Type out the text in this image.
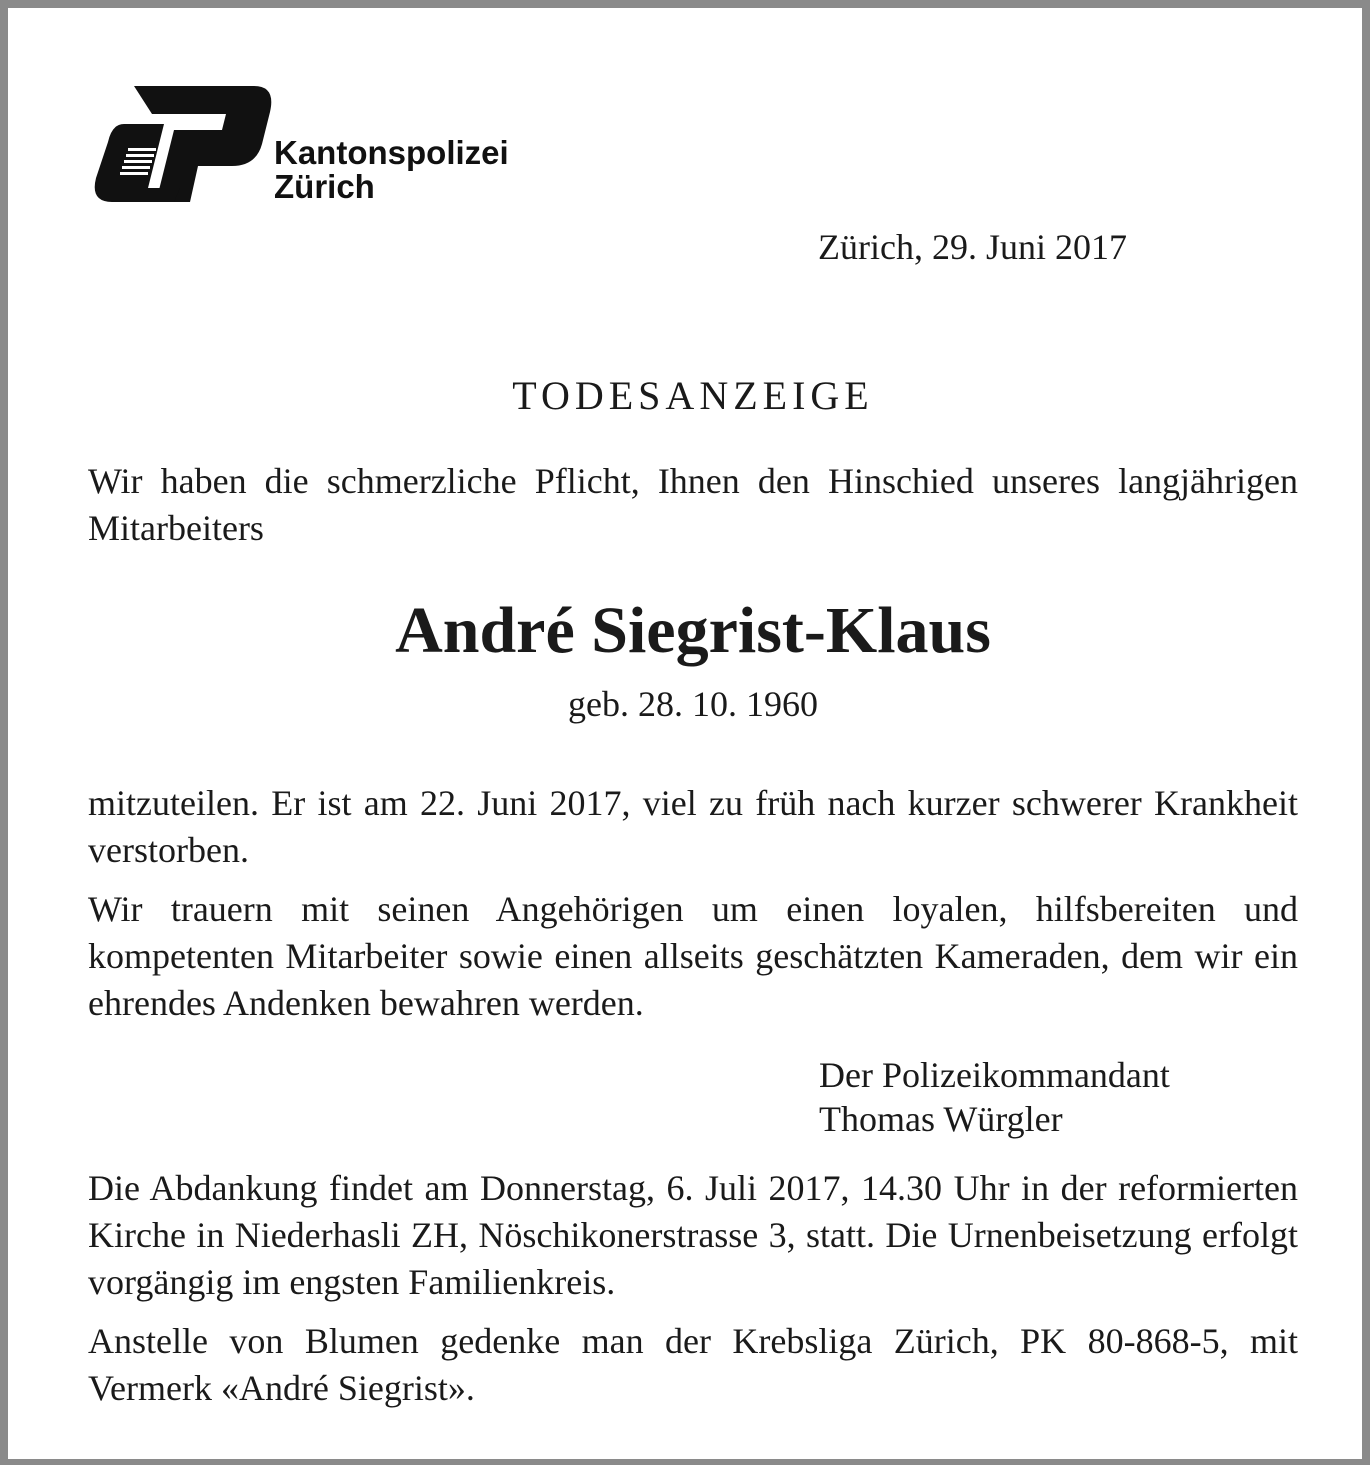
Kantonspolizei
Zürich
Zürich, 29. Juni 2017
TODESANZEIGE
Wir haben die schmerzliche Pflicht, Ihnen den Hinschied unseres langjährigen Mitarbeiters
André Siegrist-Klaus
geb. 28. 10. 1960
mitzuteilen. Er ist am 22. Juni 2017, viel zu früh nach kurzer schwerer Krankheit verstorben.
Wir trauern mit seinen Angehörigen um einen loyalen, hilfsbereiten und kompetenten Mitarbeiter sowie einen allseits geschätzten Kameraden, dem wir ein ehrendes Andenken bewahren werden.
Der Polizeikommandant
Thomas Würgler
Die Abdankung findet am Donnerstag, 6. Juli 2017, 14.30 Uhr in der reformierten Kirche in Niederhasli ZH, Nöschikonerstrasse 3, statt. Die Urnenbeisetzung erfolgt vorgängig im engsten Familienkreis.
Anstelle von Blumen gedenke man der Krebsliga Zürich, PK 80-868-5, mit Vermerk «André Siegrist».
